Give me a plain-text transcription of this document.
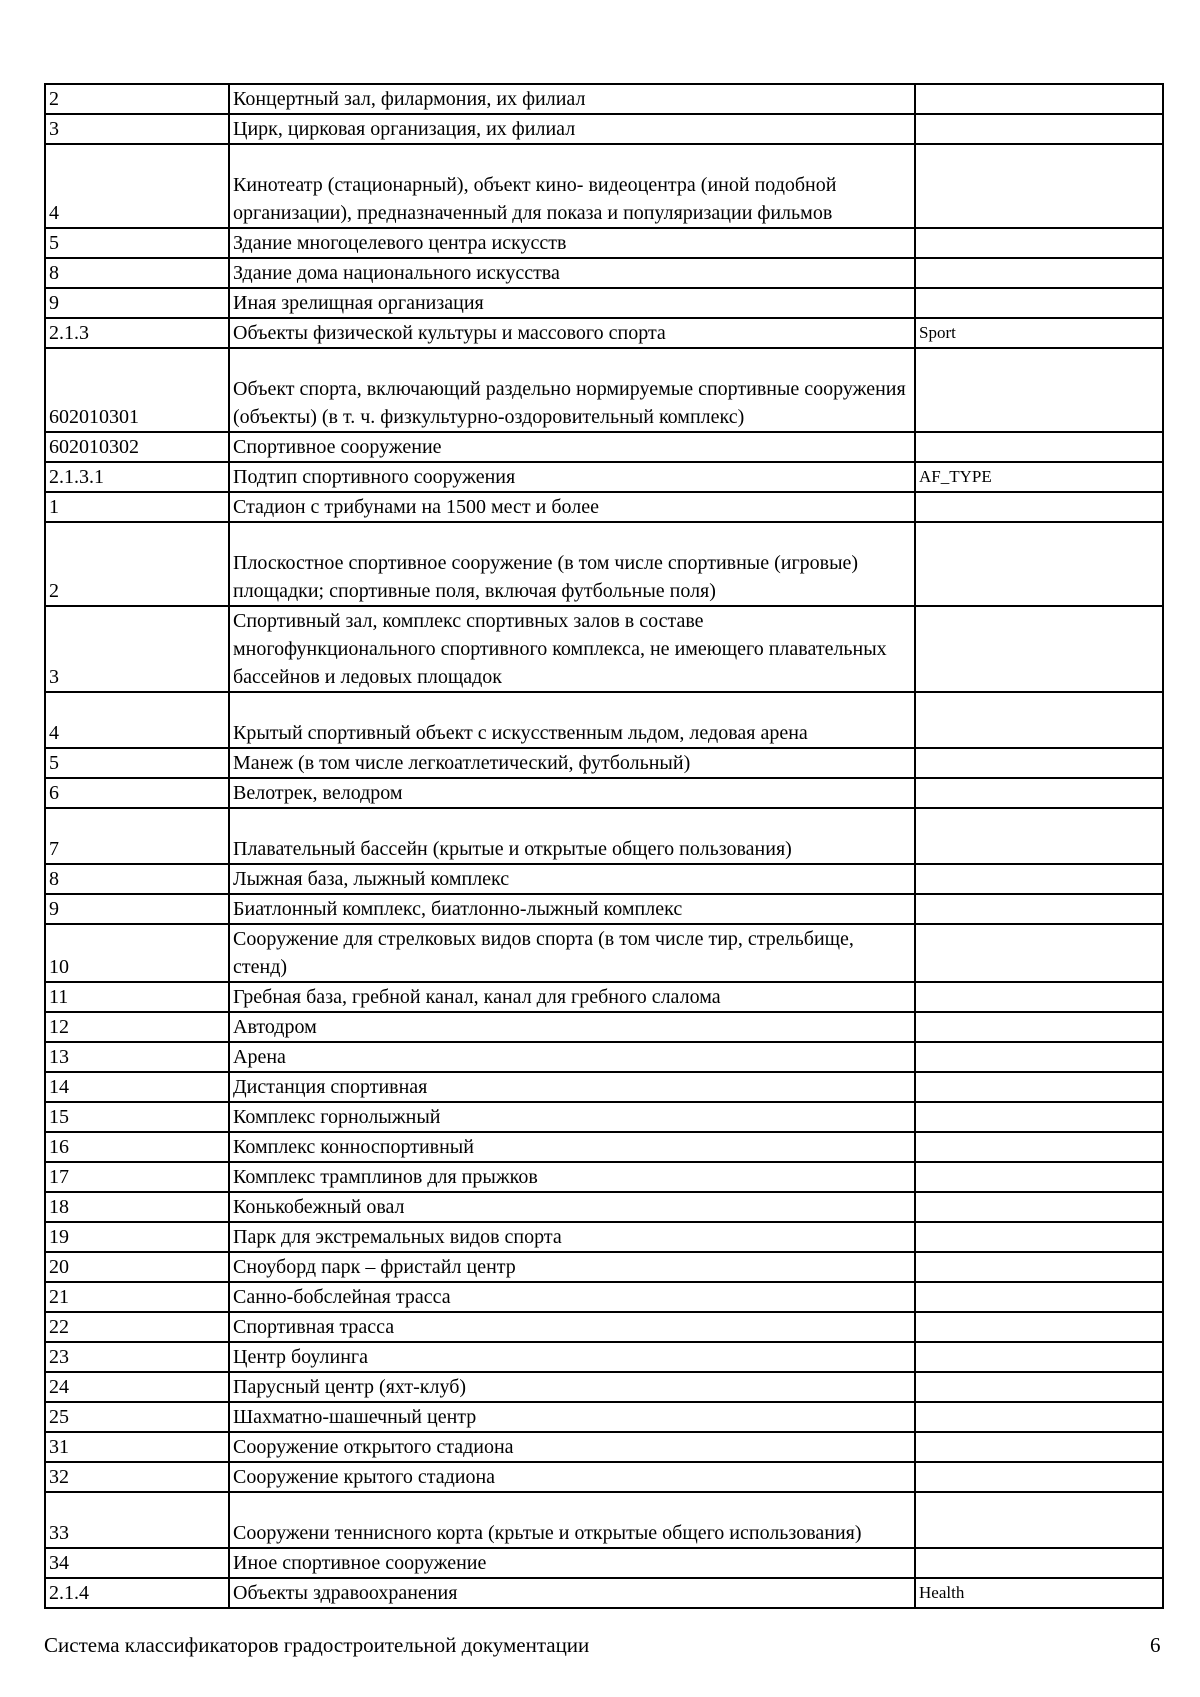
2	Концертный зал, филармония, их филиал	
3	Цирк, цирковая организация, их филиал	
4	Кинотеатр (стационарный), объект кино- видеоцентра (иной подобной организации), предназначенный для показа и популяризации фильмов	
5	Здание многоцелевого центра искусств	
8	Здание дома национального искусства	
9	Иная зрелищная организация	
2.1.3	Объекты физической культуры и массового спорта	Sport
602010301	Объект спорта, включающий раздельно нормируемые спортивные сооружения (объекты) (в т. ч. физкультурно-оздоровительный комплекс)	
602010302	Спортивное сооружение	
2.1.3.1	Подтип спортивного сооружения	AF_TYPE
1	Стадион с трибунами на 1500 мест и более	
2	Плоскостное спортивное сооружение (в том числе спортивные (игровые) площадки; спортивные поля, включая футбольные поля)	
3	Спортивный зал, комплекс спортивных залов в составе многофункционального спортивного комплекса, не имеющего плавательных бассейнов и ледовых площадок	
4	Крытый спортивный объект с искусственным льдом, ледовая арена	
5	Манеж (в том числе легкоатлетический, футбольный)	
6	Велотрек, велодром	
7	Плавательный бассейн (крытые и открытые общего пользования)	
8	Лыжная база, лыжный комплекс	
9	Биатлонный комплекс, биатлонно-лыжный комплекс	
10	Сооружение для стрелковых видов спорта (в том числе тир, стрельбище, стенд)	
11	Гребная база, гребной канал, канал для гребного слалома	
12	Автодром	
13	Арена	
14	Дистанция спортивная	
15	Комплекс горнолыжный	
16	Комплекс конноспортивный	
17	Комплекс трамплинов для прыжков	
18	Конькобежный овал	
19	Парк для экстремальных видов спорта	
20	Сноуборд парк – фристайл центр	
21	Санно-бобслейная трасса	
22	Спортивная трасса	
23	Центр боулинга	
24	Парусный центр (яхт-клуб)	
25	Шахматно-шашечный центр	
31	Сооружение открытого стадиона	
32	Сооружение крытого стадиона	
33	Сооружени теннисного корта (крьтые и открытые общего использования)	
34	Иное спортивное сооружение	
2.1.4	Объекты здравоохранения	Health
Система классификаторов градостроительной документации	6
